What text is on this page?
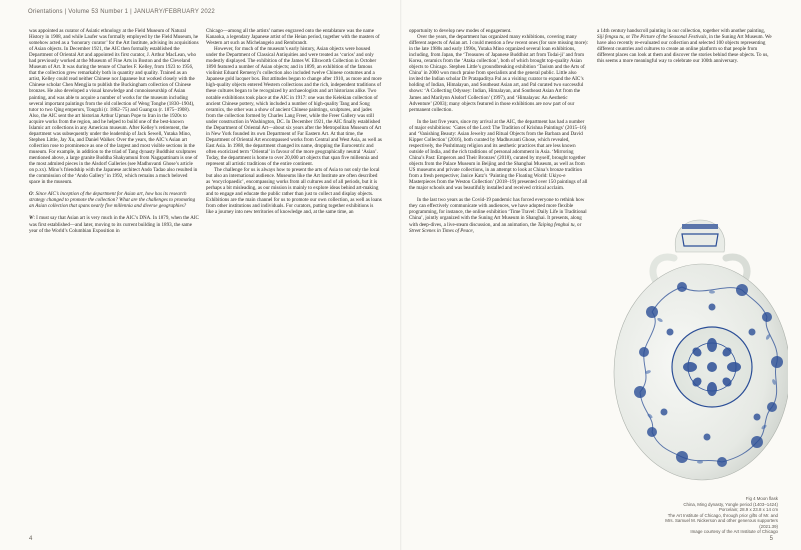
Orientations | Volume 53 Number 1 | JANUARY/FEBRUARY 2022

was appointed as curator of Asiatic ethnology at the Field Museum of Natural History in 1908, and while Laufer was formally employed by the Field Museum, he somehow acted as a ‘honorary curator’ for the Art Institute, advising its acquisitions of Asian objects. In December 1921, the AIC then formally established the Department of Oriental Art and appointed its first curator, J. Arthur MacLean, who had previously worked at the Museum of Fine Arts in Boston and the Cleveland Museum of Art. It was during the tenure of Charles F. Kelley, from 1923 to 1956, that the collection grew remarkably both in quantity and quality. Trained as an artist, Kelley could read neither Chinese nor Japanese but worked closely with the Chinese scholar Chen Mengjia to publish the Buckingham collection of Chinese bronzes. He also developed a visual knowledge and connoisseurship of Asian painting, and was able to acquire a number of works for the museum including several important paintings from the old collection of Weng Tonghe (1830–1904), tutor to two Qing emperors, Tongzhi (r. 1862–75) and Guangxu (r. 1875–1908). Also, the AIC sent the art historian Arthur Upman Pope to Iran in the 1920s to acquire works from the region, and he helped to build one of the best-known Islamic art collections in any American museum. After Kelley’s retirement, the department was subsequently under the leadership of Jack Sewell, Yutaka Mino, Stephen Little, Jay Xu, and Daniel Walker. Over the years, the AIC’s Asian art collection rose to prominence as one of the largest and most visible sections in the museum. For example, in addition to the triad of Tang dynasty Buddhist sculptures mentioned above, a large granite Buddha Shakyamuni from Nagapattinam is one of the most admired pieces in the Alsdorf Galleries (see Madhuvanti Ghose’s article on p.xx). Mino’s friendship with the Japanese architect Ando Tadao also resulted in the commission of the ‘Ando Gallery’ in 1992, which remains a much beloved space in the museum.

O: Since AIC’s inception of the department for Asian art, how has its research strategy changed to promote the collection? What are the challenges to promoting an Asian collection that spans nearly five millennia and diverse geographies?

W: I must say that Asian art is very much in the AIC’s DNA. In 1879, when the AIC was first established—and later, moving to its current building in 1893, the same year of the World’s Columbian Exposition in

Chicago—among all the artists’ names engraved onto the entablature was the name Kanaoka, a legendary Japanese artist of the Heian period, together with the masters of Western art such as Michelangelo and Rembrandt.

However, for much of the museum’s early history, Asian objects were housed under the Department of Classical Antiquities and were treated as ‘curios’ and only modestly displayed. The exhibition of the James W. Ellsworth Collection in October 1890 featured a number of Asian objects; and in 1899, an exhibition of the famous violinist Eduard Remenyi’s collection also included twelve Chinese costumes and a Japanese gold lacquer box. But attitudes began to change after 1910, as more and more high-quality objects entered Western collections and the rich, independent traditions of these cultures began to be recognized by archaeologists and art historians alike. Two notable exhibitions took place at the AIC in 1917: one was the Kelekian collection of ancient Chinese pottery, which included a number of high-quality Tang and Song ceramics, the other was a show of ancient Chinese paintings, sculptures, and jades from the collection formed by Charles Lang Freer, while the Freer Gallery was still under construction in Washington, DC. In December 1921, the AIC finally established the Department of Oriental Art—about six years after the Metropolitan Museum of Art in New York founded its own Department of Far Eastern Art. At that time, the Department of Oriental Art encompassed works from Central and West Asia, as well as East Asia. In 1988, the department changed its name, dropping the Eurocentric and often exoticized term ‘Oriental’ in favour of the more geographically neutral ‘Asian’. Today, the department is home to over 20,000 art objects that span five millennia and represent all artistic traditions of the entire continent.

The challenge for us is always how to present the arts of Asia to not only the local but also an international audience. Museums like the Art Institute are often described as ‘encyclopaedic’, encompassing works from all cultures and of all periods, but it is perhaps a bit misleading, as our mission is mainly to explore ideas behind art-making and to engage and educate the public rather than just to collect and display objects. Exhibitions are the main channel for us to promote our own collection, as well as loans from other institutions and individuals. For curators, putting together exhibitions is like a journey into new territories of knowledge and, at the same time, an

opportunity to develop new modes of engagement.

Over the years, the department has organized many exhibitions, covering many different aspects of Asian art. I could mention a few recent ones (for sure missing more): in the late 1980s and early 1990s, Yutaka Mino organized several loan exhibitions, including, from Japan, the ‘Treasures of Japanese Buddhist art from Todai-ji’ and from Korea, ceramics from the ‘Ataka collection’, both of which brought top-quality Asian objects to Chicago. Stephen Little’s groundbreaking exhibition ‘Taoism and the Arts of China’ in 2000 won much praise from specialists and the general public. Little also invited the Indian scholar Dr Pratapaditya Pal as a visiting curator to expand the AIC’s holding of Indian, Himalayan, and Southeast Asian art, and Pal curated two successful shows: ‘A Collecting Odyssey: Indian, Himalayan, and Southeast Asian Art from the James and Marilynn Alsdorf Collection’ (1997), and ‘Himalayas: An Aesthetic Adventure’ (2003); many objects featured in those exhibitions are now part of our permanent collection.

In the last five years, since my arrival at the AIC, the department has had a number of major exhibitions: ‘Gates of the Lord: The Tradition of Krishna Paintings’ (2015–16) and ‘Vanishing Beauty: Asian Jewelry and Ritual Objects from the Barbara and David Kipper Collection’ (2016), both curated by Madhuvanti Ghose, which revealed, respectively, the Pushtimarg religion and its aesthetic practices that are less known outside of India, and the rich traditions of personal adornment in Asia. ‘Mirroring China’s Past: Emperors and Their Bronzes’ (2018), curated by myself, brought together objects from the Palace Museum in Beijing and the Shanghai Museum, as well as from US museums and private collections, in an attempt to look at China’s bronze tradition from a fresh perspective; Janice Katz’s ‘Painting the Floating World: Ukiyo-e Masterpieces from the Weston Collection’ (2018–19) presented over 150 paintings of all the major schools and was beautifully installed and received critical acclaim.

In the last two years as the Covid-19 pandemic has forced everyone to rethink how they can effectively communicate with audiences, we have adopted more flexible programming, for instance, the online exhibition ‘Time Travel: Daily Life in Traditional China’, jointly organized with the Suning Art Museum in Shanghai. It presents, along with deep-dives, a live-steam discussion, and an animation, the Taiping fenghui tu, or Street Scenes in Times of Peace,

a 14th century handscroll painting in our collection, together with another painting, Siji fengsu tu, or The Picture of the Seasonal Festivals, in the Suning Art Museum. We have also recently re-evaluated our collection and selected 100 objects representing different countries and cultures to create an online platform so that people from different places can look at them and discover the stories behind these objects. To us, this seems a more meaningful way to celebrate our 100th anniversary.

Fig 4 Moon flask
China, Ming dynasty, Yongle period (1403–1424)
Porcelain; 28.9 x 23.8 x 14 cm
The Art Institute of Chicago, through prior gifts of Mr. and
Mrs. Samuel M. Nickerson and other generous supporters (2021.39)
Image courtesy of the Art Institute of Chicago
4	5
